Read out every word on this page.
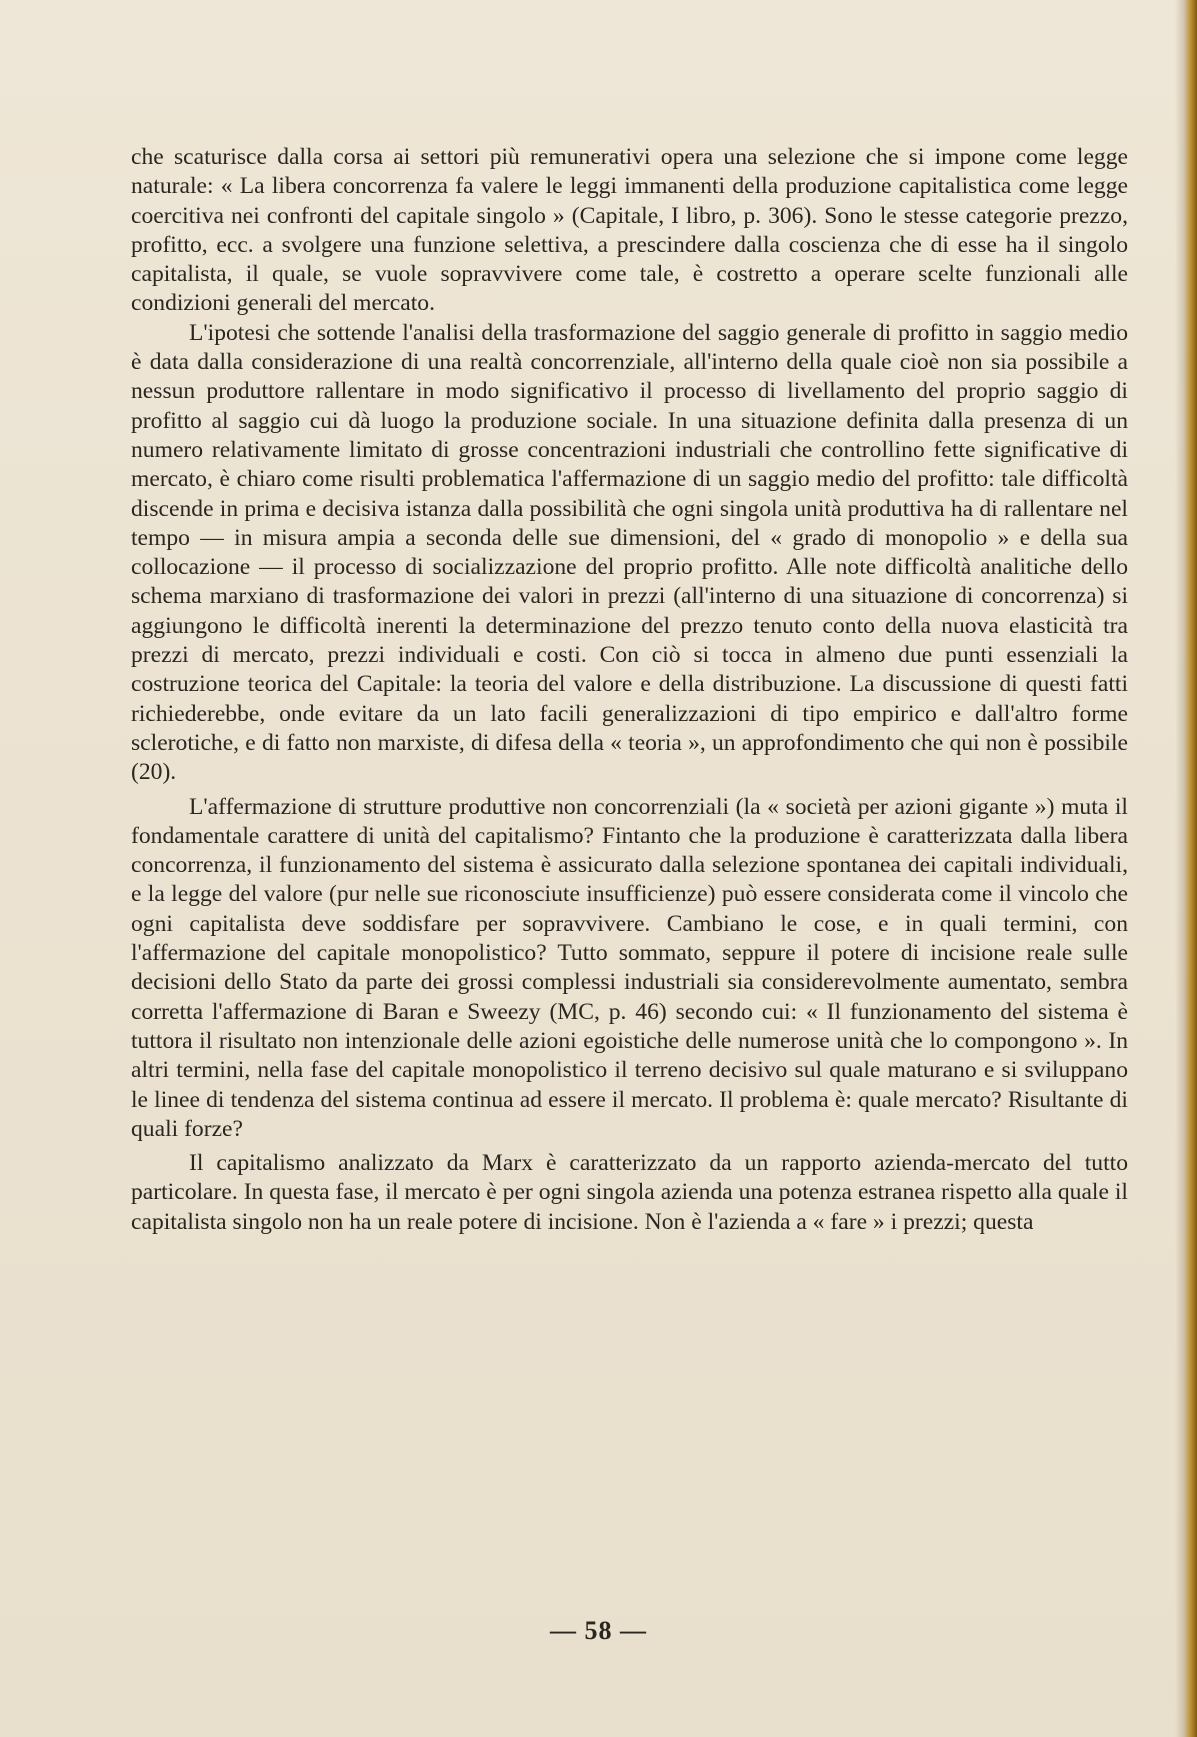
che scaturisce dalla corsa ai settori più remunerativi opera una selezione che si impone come legge naturale: « La libera concorrenza fa valere le leggi immanenti della produzione capitalistica come legge coercitiva nei confronti del capitale singolo » (Capitale, I libro, p. 306). Sono le stesse categorie prezzo, profitto, ecc. a svolgere una funzione selettiva, a prescindere dalla coscienza che di esse ha il singolo capitalista, il quale, se vuole sopravvivere come tale, è costretto a operare scelte funzionali alle condizioni generali del mercato.

L'ipotesi che sottende l'analisi della trasformazione del saggio generale di profitto in saggio medio è data dalla considerazione di una realtà concorrenziale, all'interno della quale cioè non sia possibile a nessun produttore rallentare in modo significativo il processo di livellamento del proprio saggio di profitto al saggio cui dà luogo la produzione sociale. In una situazione definita dalla presenza di un numero relativamente limitato di grosse concentrazioni industriali che controllino fette significative di mercato, è chiaro come risulti problematica l'affermazione di un saggio medio del profitto: tale difficoltà discende in prima e decisiva istanza dalla possibilità che ogni singola unità produttiva ha di rallentare nel tempo — in misura ampia a seconda delle sue dimensioni, del « grado di monopolio » e della sua collocazione — il processo di socializzazione del proprio profitto. Alle note difficoltà analitiche dello schema marxiano di trasformazione dei valori in prezzi (all'interno di una situazione di concorrenza) si aggiungono le difficoltà inerenti la determinazione del prezzo tenuto conto della nuova elasticità tra prezzi di mercato, prezzi individuali e costi. Con ciò si tocca in almeno due punti essenziali la costruzione teorica del Capitale: la teoria del valore e della distribuzione. La discussione di questi fatti richiederebbe, onde evitare da un lato facili generalizzazioni di tipo empirico e dall'altro forme sclerotiche, e di fatto non marxiste, di difesa della « teoria », un approfondimento che qui non è possibile (20).

L'affermazione di strutture produttive non concorrenziali (la « società per azioni gigante ») muta il fondamentale carattere di unità del capitalismo? Fintanto che la produzione è caratterizzata dalla libera concorrenza, il funzionamento del sistema è assicurato dalla selezione spontanea dei capitali individuali, e la legge del valore (pur nelle sue riconosciute insufficienze) può essere considerata come il vincolo che ogni capitalista deve soddisfare per sopravvivere. Cambiano le cose, e in quali termini, con l'affermazione del capitale monopolistico? Tutto sommato, seppure il potere di incisione reale sulle decisioni dello Stato da parte dei grossi complessi industriali sia considerevolmente aumentato, sembra corretta l'affermazione di Baran e Sweezy (MC, p. 46) secondo cui: « Il funzionamento del sistema è tuttora il risultato non intenzionale delle azioni egoistiche delle numerose unità che lo compongono ». In altri termini, nella fase del capitale monopolistico il terreno decisivo sul quale maturano e si sviluppano le linee di tendenza del sistema continua ad essere il mercato. Il problema è: quale mercato? Risultante di quali forze?

Il capitalismo analizzato da Marx è caratterizzato da un rapporto azienda-mercato del tutto particolare. In questa fase, il mercato è per ogni singola azienda una potenza estranea rispetto alla quale il capitalista singolo non ha un reale potere di incisione. Non è l'azienda a « fare » i prezzi; questa

— 58 —
